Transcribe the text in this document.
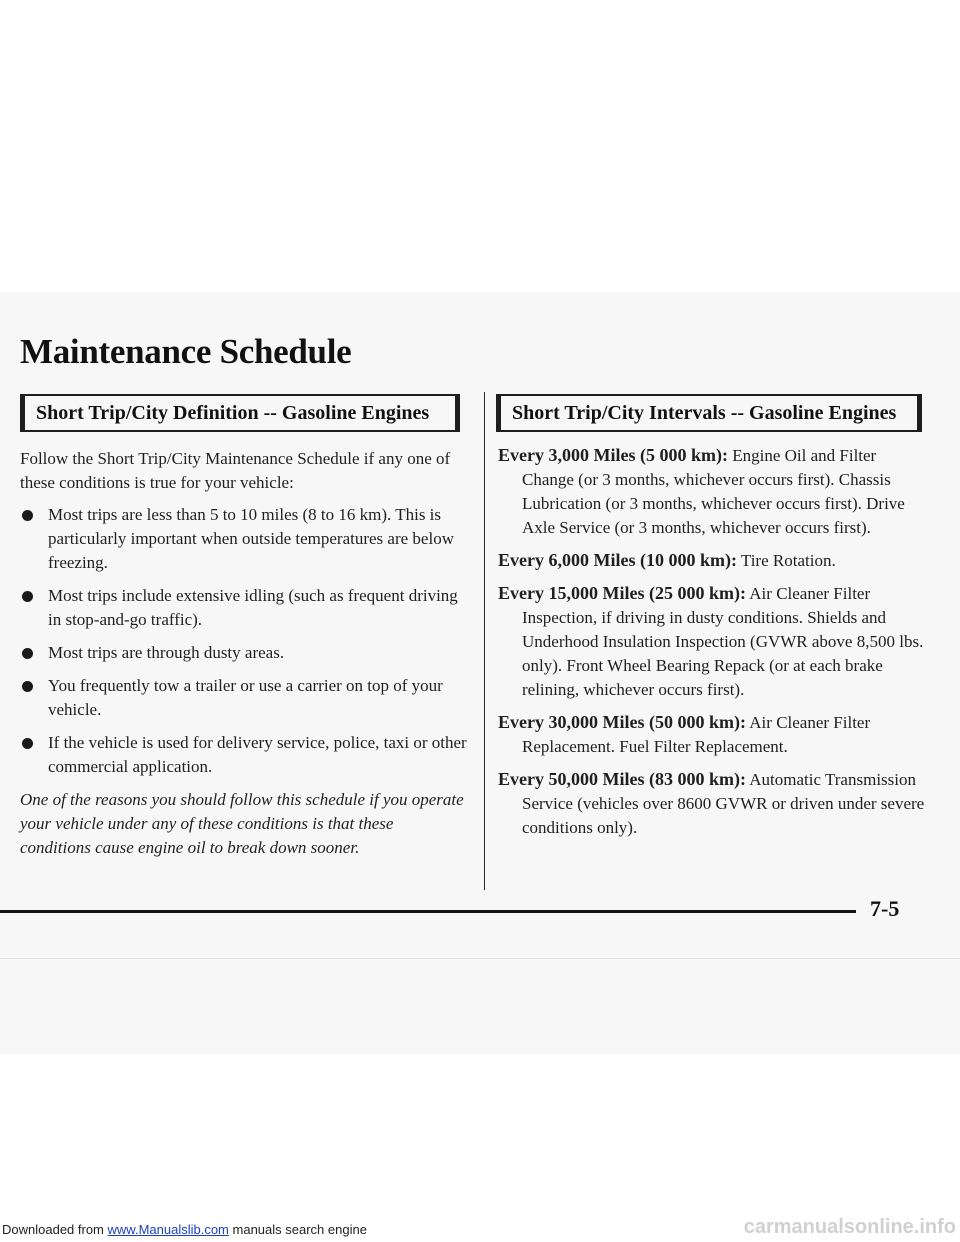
Maintenance Schedule
Short Trip/City Definition -- Gasoline Engines

Follow the Short Trip/City Maintenance Schedule if any one of these conditions is true for your vehicle:

Most trips are less than 5 to 10 miles (8 to 16 km). This is particularly important when outside temperatures are below freezing.
Most trips include extensive idling (such as frequent driving in stop-and-go traffic).
Most trips are through dusty areas.
You frequently tow a trailer or use a carrier on top of your vehicle.
If the vehicle is used for delivery service, police, taxi or other commercial application.

One of the reasons you should follow this schedule if you operate your vehicle under any of these conditions is that these conditions cause engine oil to break down sooner.

Short Trip/City Intervals -- Gasoline Engines

Every 3,000 Miles (5 000 km): Engine Oil and Filter Change (or 3 months, whichever occurs first). Chassis Lubrication (or 3 months, whichever occurs first). Drive Axle Service (or 3 months, whichever occurs first).

Every 6,000 Miles (10 000 km): Tire Rotation.

Every 15,000 Miles (25 000 km): Air Cleaner Filter Inspection, if driving in dusty conditions. Shields and Underhood Insulation Inspection (GVWR above 8,500 lbs. only). Front Wheel Bearing Repack (or at each brake relining, whichever occurs first).

Every 30,000 Miles (50 000 km): Air Cleaner Filter Replacement. Fuel Filter Replacement.

Every 50,000 Miles (83 000 km): Automatic Transmission Service (vehicles over 8600 GVWR or driven under severe conditions only).

7-5
Downloaded from www.Manualslib.com manuals search engine	carmanualsonline.info
